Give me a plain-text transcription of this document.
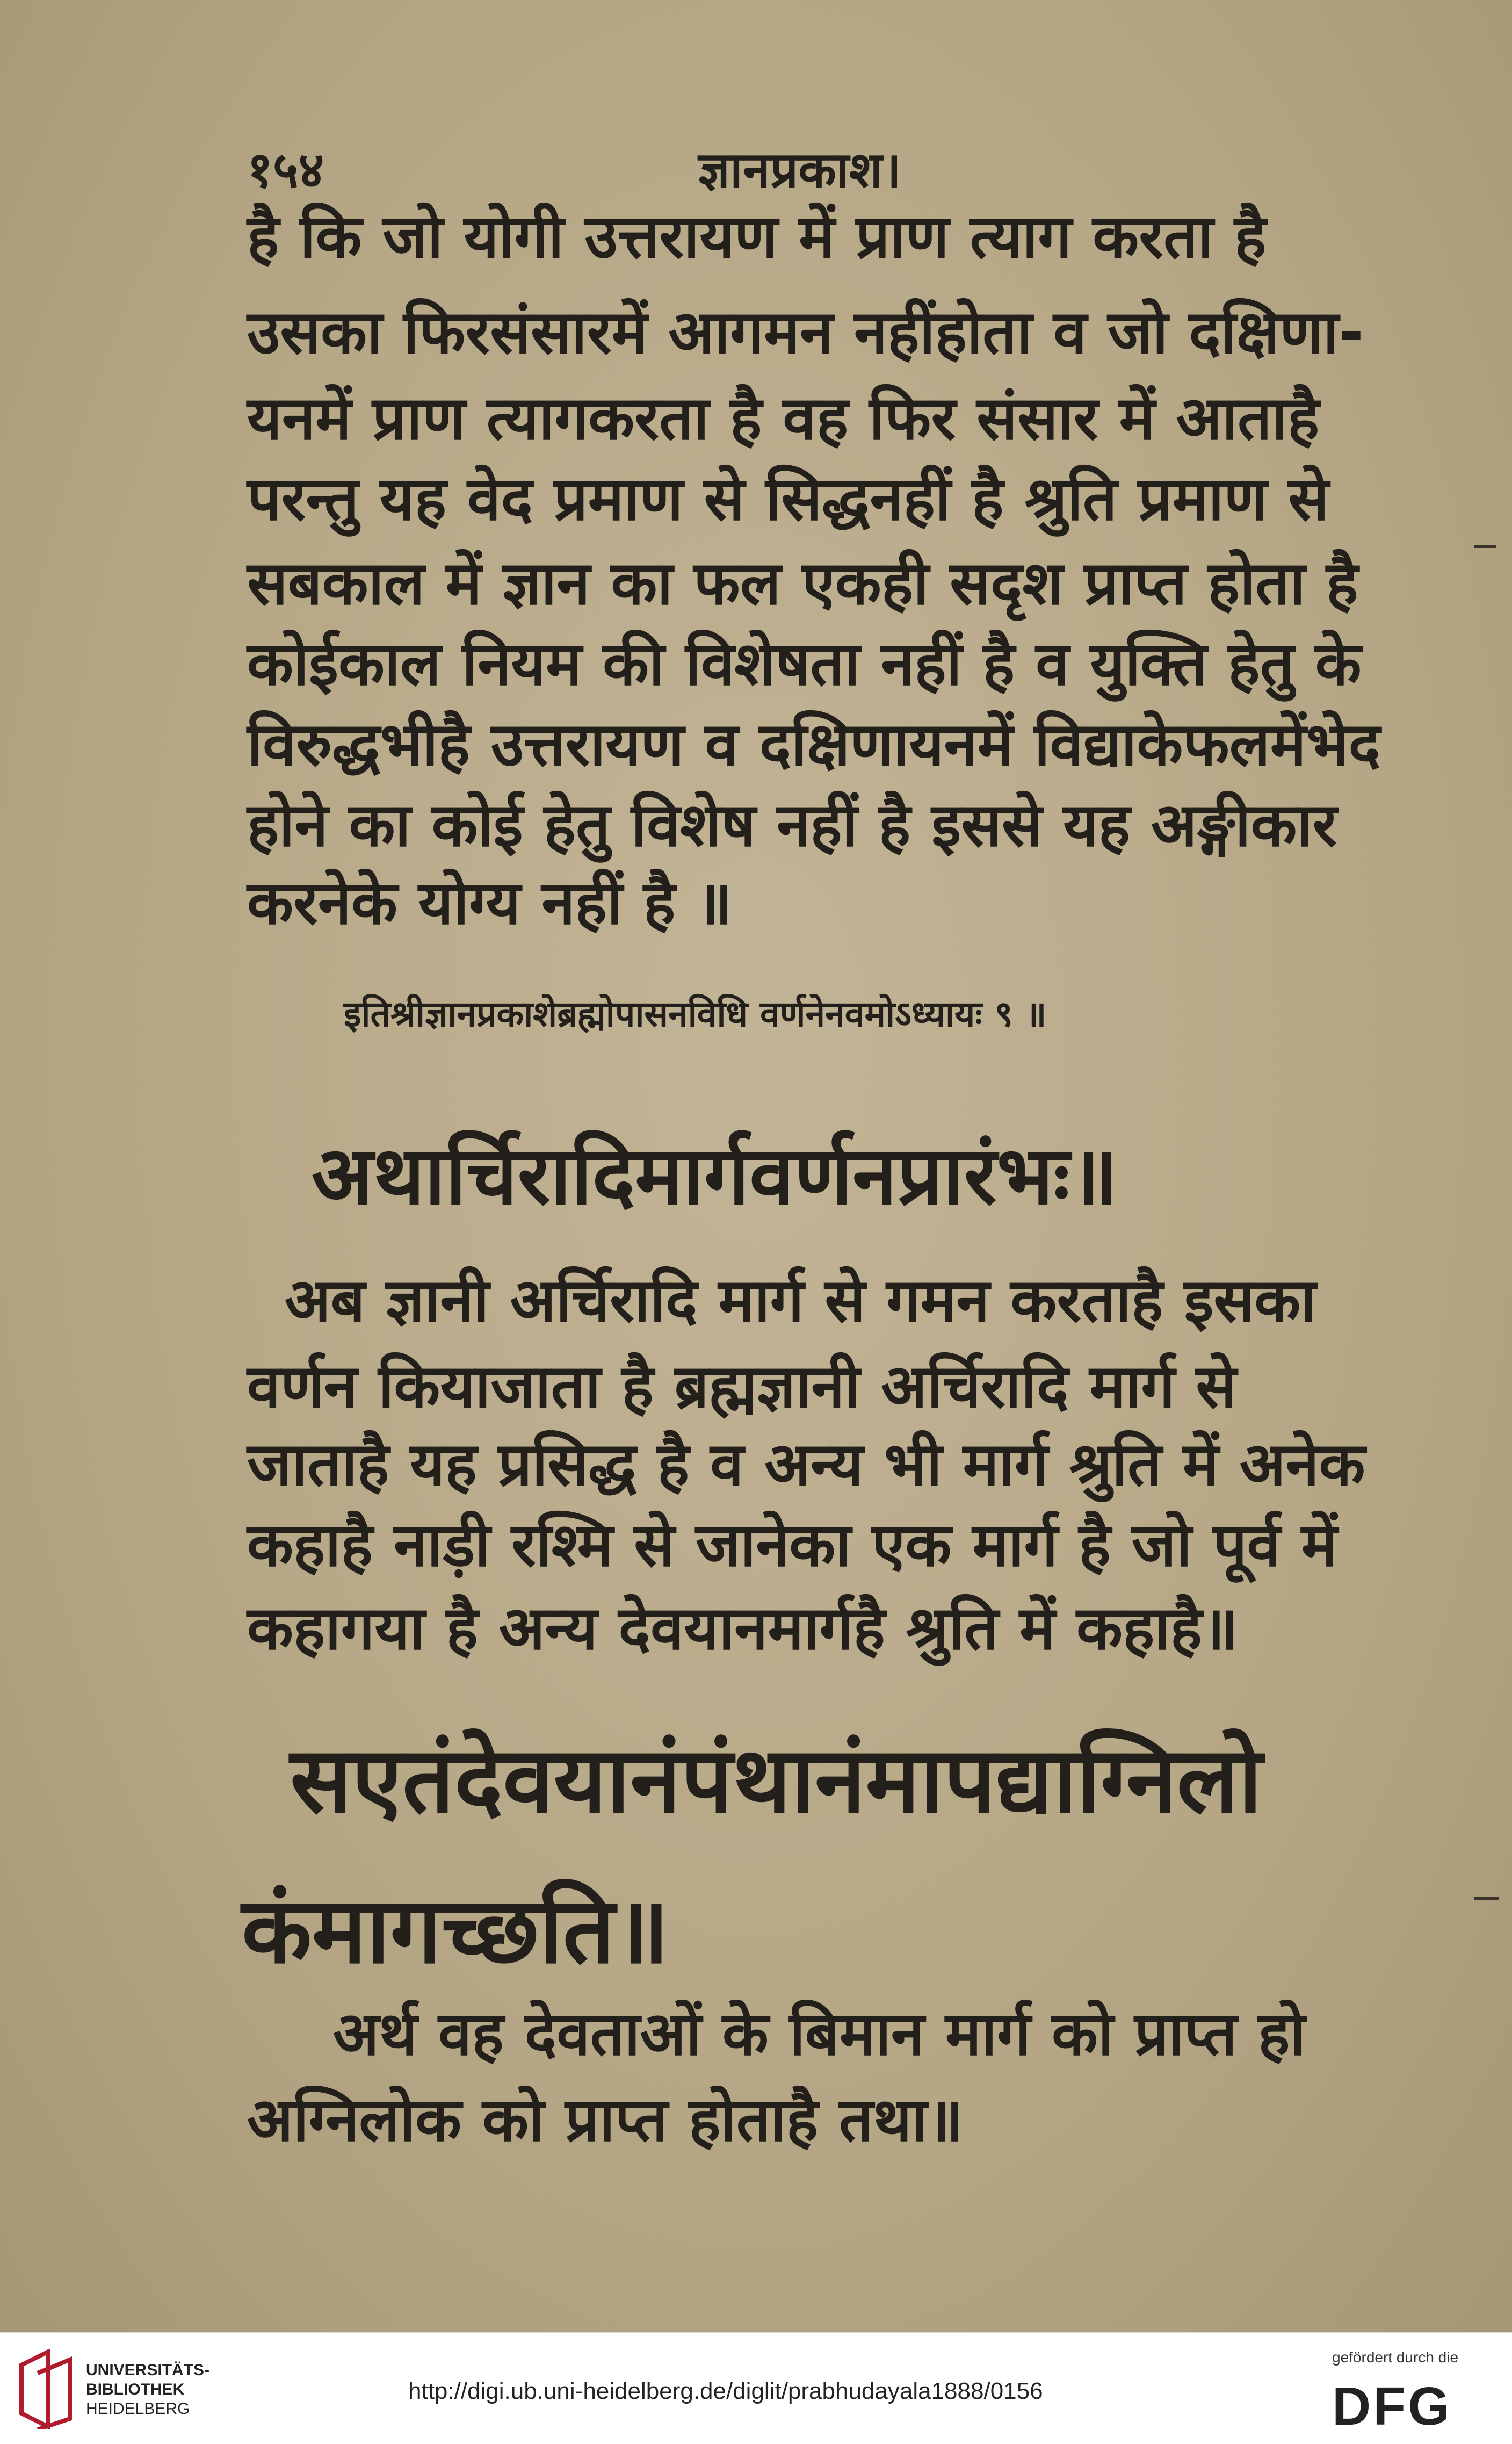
१५४	ज्ञानप्रकाश।
है कि जो योगी उत्तरायण में प्राण त्याग करता है
उसका फिरसंसारमें आगमन नहींहोता व जो दक्षिणा-
यनमें प्राण त्यागकरता है वह फिर संसार में आताहै
परन्तु यह वेद प्रमाण से सिद्धनहीं है श्रुति प्रमाण से
सबकाल में ज्ञान का फल एकही सदृश प्राप्त होता है
कोईकाल नियम की विशेषता नहीं है व युक्ति हेतु के
विरुद्धभीहै उत्तरायण व दक्षिणायनमें विद्याकेफलमेंभेद
होने का कोई हेतु विशेष नहीं है इससे यह अङ्गीकार
करनेके योग्य नहीं है ॥
इतिश्रीज्ञानप्रकाशेब्रह्मोपासनविधि वर्णनेनवमोऽध्यायः ९ ॥
अथार्चिरादिमार्गवर्णनप्रारंभः॥
अब ज्ञानी अर्चिरादि मार्ग से गमन करताहै इसका
वर्णन कियाजाता है ब्रह्मज्ञानी अर्चिरादि मार्ग से
जाताहै यह प्रसिद्ध है व अन्य भी मार्ग श्रुति में अनेक
कहाहै नाड़ी रश्मि से जानेका एक मार्ग है जो पूर्व में
कहागया है अन्य देवयानमार्गहै श्रुति में कहाहै॥
सएतंदेवयानंपंथानंमापद्याग्निलो
कंमागच्छति॥
अर्थ वह देवताओं के बिमान मार्ग को प्राप्त हो
अग्निलोक को प्राप्त होताहै तथा॥
UNIVERSITÄTS-
BIBLIOTHEK
HEIDELBERG
http://digi.ub.uni-heidelberg.de/diglit/prabhudayala1888/0156
gefördert durch die
DFG
